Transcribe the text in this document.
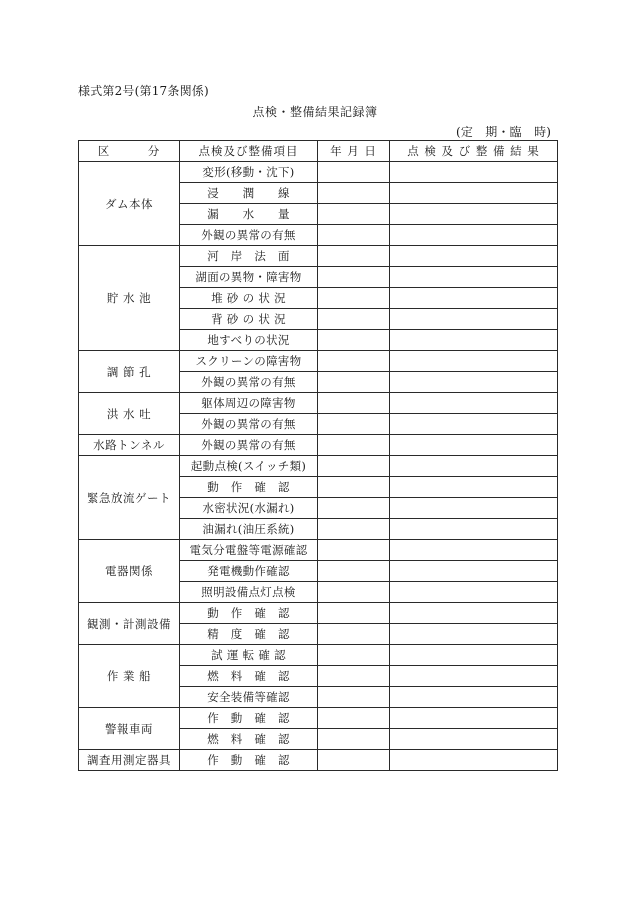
様式第2号(第17条関係)
点検・整備結果記録簿
(定　期・臨　時)
区　　　分	点検及び整備項目	年 月 日	点 検 及 び 整 備 結 果
ダム本体	変形(移動・沈下)		
	浸　　潤　　線		
	漏　　水　　量		
	外観の異常の有無		
貯 水 池	河　岸　法　面		
	湖面の異物・障害物		
	堆 砂 の 状 況		
	背 砂 の 状 況		
	地すべりの状況		
調 節 孔	スクリーンの障害物		
	外観の異常の有無		
洪 水 吐	躯体周辺の障害物		
	外観の異常の有無		
水路トンネル	外観の異常の有無		
緊急放流ゲート	起動点検(スイッチ類)		
	動　作　確　認		
	水密状況(水漏れ)		
	油漏れ(油圧系統)		
電器関係	電気分電盤等電源確認		
	発電機動作確認		
	照明設備点灯点検		
観測・計測設備	動　作　確　認		
	精　度　確　認		
作 業 船	試 運 転 確 認		
	燃　料　確　認		
	安全装備等確認		
警報車両	作　動　確　認		
	燃　料　確　認		
調査用測定器具	作　動　確　認		
